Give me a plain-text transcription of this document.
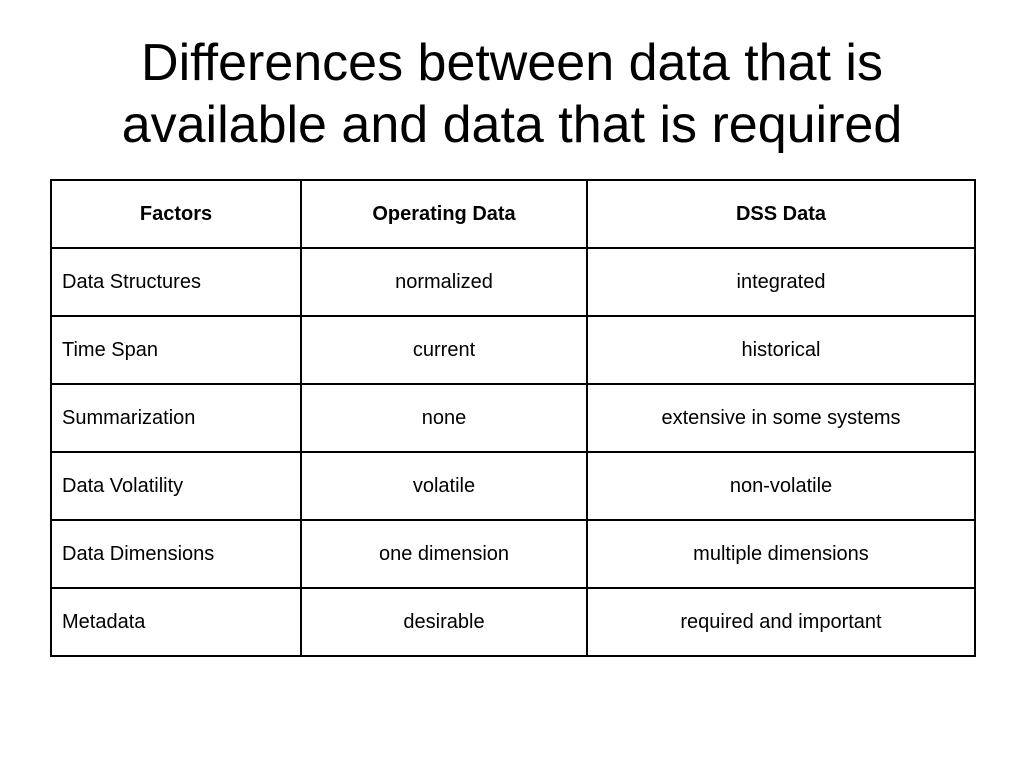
Differences between data that is
available and data that is required
Factors	Operating Data	DSS Data
Data Structures	normalized	integrated
Time Span	current	historical
Summarization	none	extensive in some systems
Data Volatility	volatile	non-volatile
Data Dimensions	one dimension	multiple dimensions
Metadata	desirable	required and important
